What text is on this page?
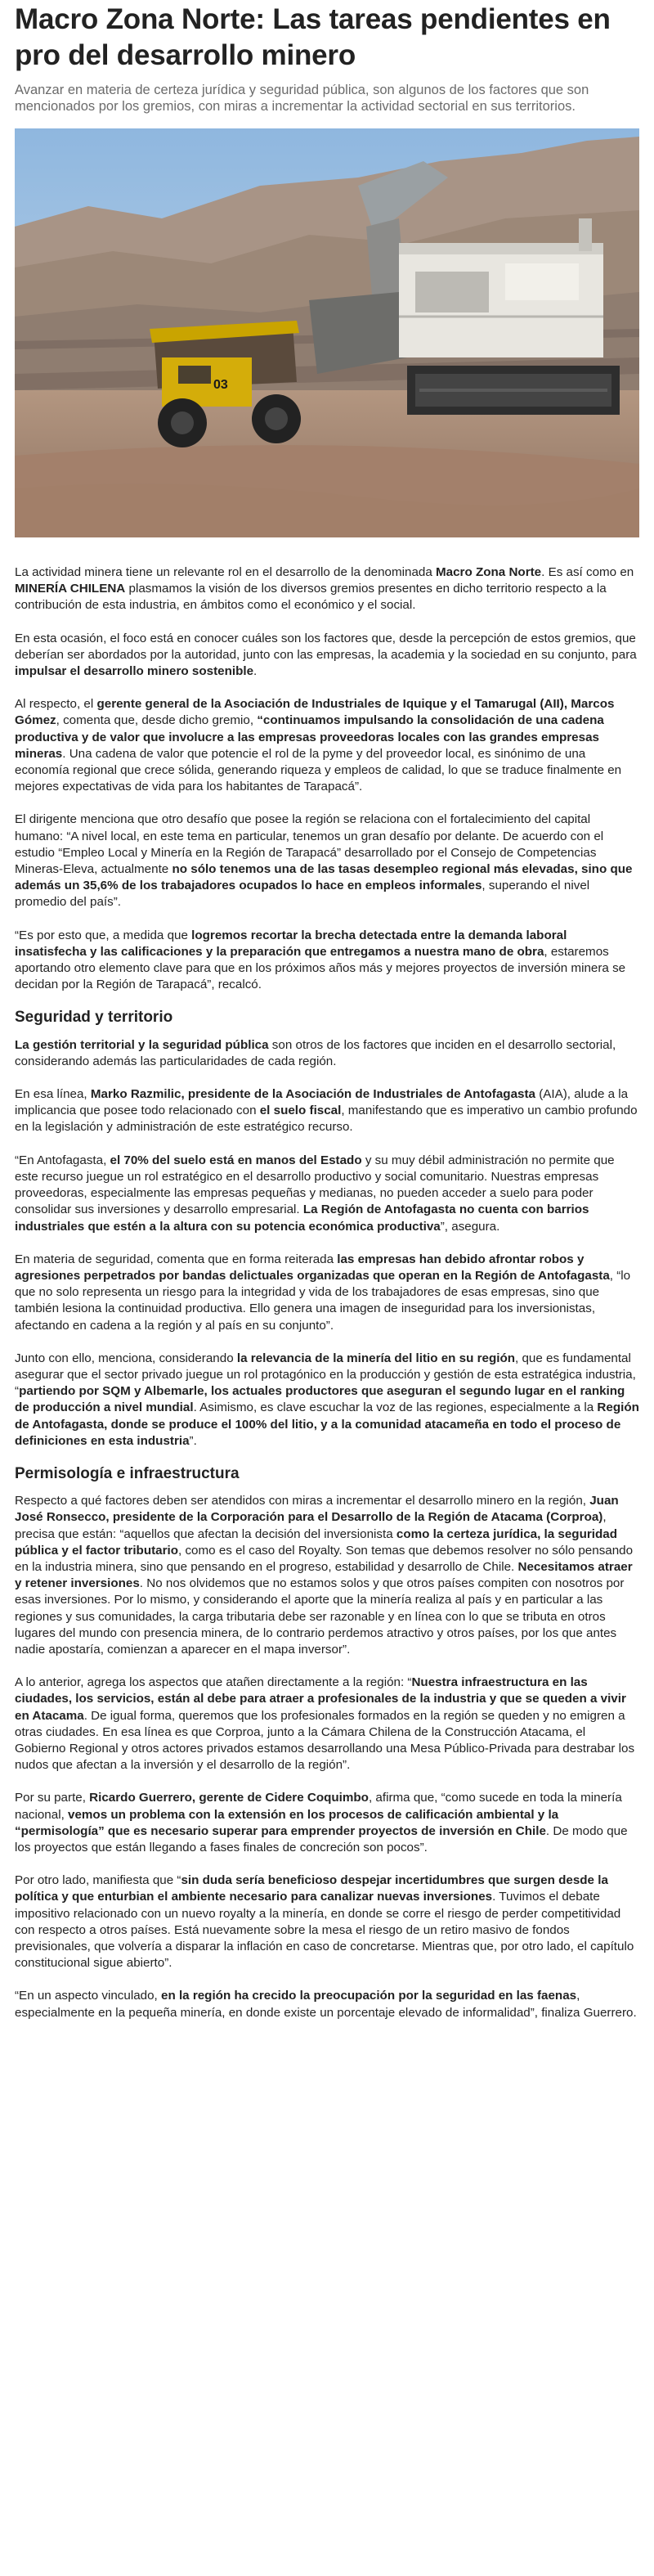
Macro Zona Norte: Las tareas pendientes en pro del desarrollo minero

Avanzar en materia de certeza jurídica y seguridad pública, son algunos de los factores que son mencionados por los gremios, con miras a incrementar la actividad sectorial en sus territorios.

03

La actividad minera tiene un relevante rol en el desarrollo de la denominada Macro Zona Norte. Es así como en MINERÍA CHILENA plasmamos la visión de los diversos gremios presentes en dicho territorio respecto a la contribución de esta industria, en ámbitos como el económico y el social.

En esta ocasión, el foco está en conocer cuáles son los factores que, desde la percepción de estos gremios, que deberían ser abordados por la autoridad, junto con las empresas, la academia y la sociedad en su conjunto, para impulsar el desarrollo minero sostenible.

Al respecto, el gerente general de la Asociación de Industriales de Iquique y el Tamarugal (AII), Marcos Gómez, comenta que, desde dicho gremio, “continuamos impulsando la consolidación de una cadena productiva y de valor que involucre a las empresas proveedoras locales con las grandes empresas mineras. Una cadena de valor que potencie el rol de la pyme y del proveedor local, es sinónimo de una economía regional que crece sólida, generando riqueza y empleos de calidad, lo que se traduce finalmente en mejores expectativas de vida para los habitantes de Tarapacá”.

El dirigente menciona que otro desafío que posee la región se relaciona con el fortalecimiento del capital humano: “A nivel local, en este tema en particular, tenemos un gran desafío por delante. De acuerdo con el estudio “Empleo Local y Minería en la Región de Tarapacá” desarrollado por el Consejo de Competencias Mineras-Eleva, actualmente no sólo tenemos una de las tasas desempleo regional más elevadas, sino que además un 35,6% de los trabajadores ocupados lo hace en empleos informales, superando el nivel promedio del país”.

“Es por esto que, a medida que logremos recortar la brecha detectada entre la demanda laboral insatisfecha y las calificaciones y la preparación que entregamos a nuestra mano de obra, estaremos aportando otro elemento clave para que en los próximos años más y mejores proyectos de inversión minera se decidan por la Región de Tarapacá”, recalcó.

Seguridad y territorio

La gestión territorial y la seguridad pública son otros de los factores que inciden en el desarrollo sectorial, considerando además las particularidades de cada región.

En esa línea, Marko Razmilic, presidente de la Asociación de Industriales de Antofagasta (AIA), alude a la implicancia que posee todo relacionado con el suelo fiscal, manifestando que es imperativo un cambio profundo en la legislación y administración de este estratégico recurso.

“En Antofagasta, el 70% del suelo está en manos del Estado y su muy débil administración no permite que este recurso juegue un rol estratégico en el desarrollo productivo y social comunitario. Nuestras empresas proveedoras, especialmente las empresas pequeñas y medianas, no pueden acceder a suelo para poder consolidar sus inversiones y desarrollo empresarial. La Región de Antofagasta no cuenta con barrios industriales que estén a la altura con su potencia económica productiva”, asegura.

En materia de seguridad, comenta que en forma reiterada las empresas han debido afrontar robos y agresiones perpetrados por bandas delictuales organizadas que operan en la Región de Antofagasta, “lo que no solo representa un riesgo para la integridad y vida de los trabajadores de esas empresas, sino que también lesiona la continuidad productiva. Ello genera una imagen de inseguridad para los inversionistas, afectando en cadena a la región y al país en su conjunto”.

Junto con ello, menciona, considerando la relevancia de la minería del litio en su región, que es fundamental asegurar que el sector privado juegue un rol protagónico en la producción y gestión de esta estratégica industria, “partiendo por SQM y Albemarle, los actuales productores que aseguran el segundo lugar en el ranking de producción a nivel mundial. Asimismo, es clave escuchar la voz de las regiones, especialmente a la Región de Antofagasta, donde se produce el 100% del litio, y a la comunidad atacameña en todo el proceso de definiciones en esta industria”.

Permisología e infraestructura

Respecto a qué factores deben ser atendidos con miras a incrementar el desarrollo minero en la región, Juan José Ronsecco, presidente de la Corporación para el Desarrollo de la Región de Atacama (Corproa), precisa que están: “aquellos que afectan la decisión del inversionista como la certeza jurídica, la seguridad pública y el factor tributario, como es el caso del Royalty. Son temas que debemos resolver no sólo pensando en la industria minera, sino que pensando en el progreso, estabilidad y desarrollo de Chile. Necesitamos atraer y retener inversiones. No nos olvidemos que no estamos solos y que otros países compiten con nosotros por esas inversiones. Por lo mismo, y considerando el aporte que la minería realiza al país y en particular a las regiones y sus comunidades, la carga tributaria debe ser razonable y en línea con lo que se tributa en otros lugares del mundo con presencia minera, de lo contrario perdemos atractivo y otros países, por los que antes nadie apostaría, comienzan a aparecer en el mapa inversor”.

A lo anterior, agrega los aspectos que atañen directamente a la región: “Nuestra infraestructura en las ciudades, los servicios, están al debe para atraer a profesionales de la industria y que se queden a vivir en Atacama. De igual forma, queremos que los profesionales formados en la región se queden y no emigren a otras ciudades. En esa línea es que Corproa, junto a la Cámara Chilena de la Construcción Atacama, el Gobierno Regional y otros actores privados estamos desarrollando una Mesa Público-Privada para destrabar los nudos que afectan a la inversión y el desarrollo de la región”.

Por su parte, Ricardo Guerrero, gerente de Cidere Coquimbo, afirma que, “como sucede en toda la minería nacional, vemos un problema con la extensión en los procesos de calificación ambiental y la “permisología” que es necesario superar para emprender proyectos de inversión en Chile. De modo que los proyectos que están llegando a fases finales de concreción son pocos”.

Por otro lado, manifiesta que “sin duda sería beneficioso despejar incertidumbres que surgen desde la política y que enturbian el ambiente necesario para canalizar nuevas inversiones. Tuvimos el debate impositivo relacionado con un nuevo royalty a la minería, en donde se corre el riesgo de perder competitividad con respecto a otros países. Está nuevamente sobre la mesa el riesgo de un retiro masivo de fondos previsionales, que volvería a disparar la inflación en caso de concretarse. Mientras que, por otro lado, el capítulo constitucional sigue abierto”.

“En un aspecto vinculado, en la región ha crecido la preocupación por la seguridad en las faenas, especialmente en la pequeña minería, en donde existe un porcentaje elevado de informalidad”, finaliza Guerrero.
